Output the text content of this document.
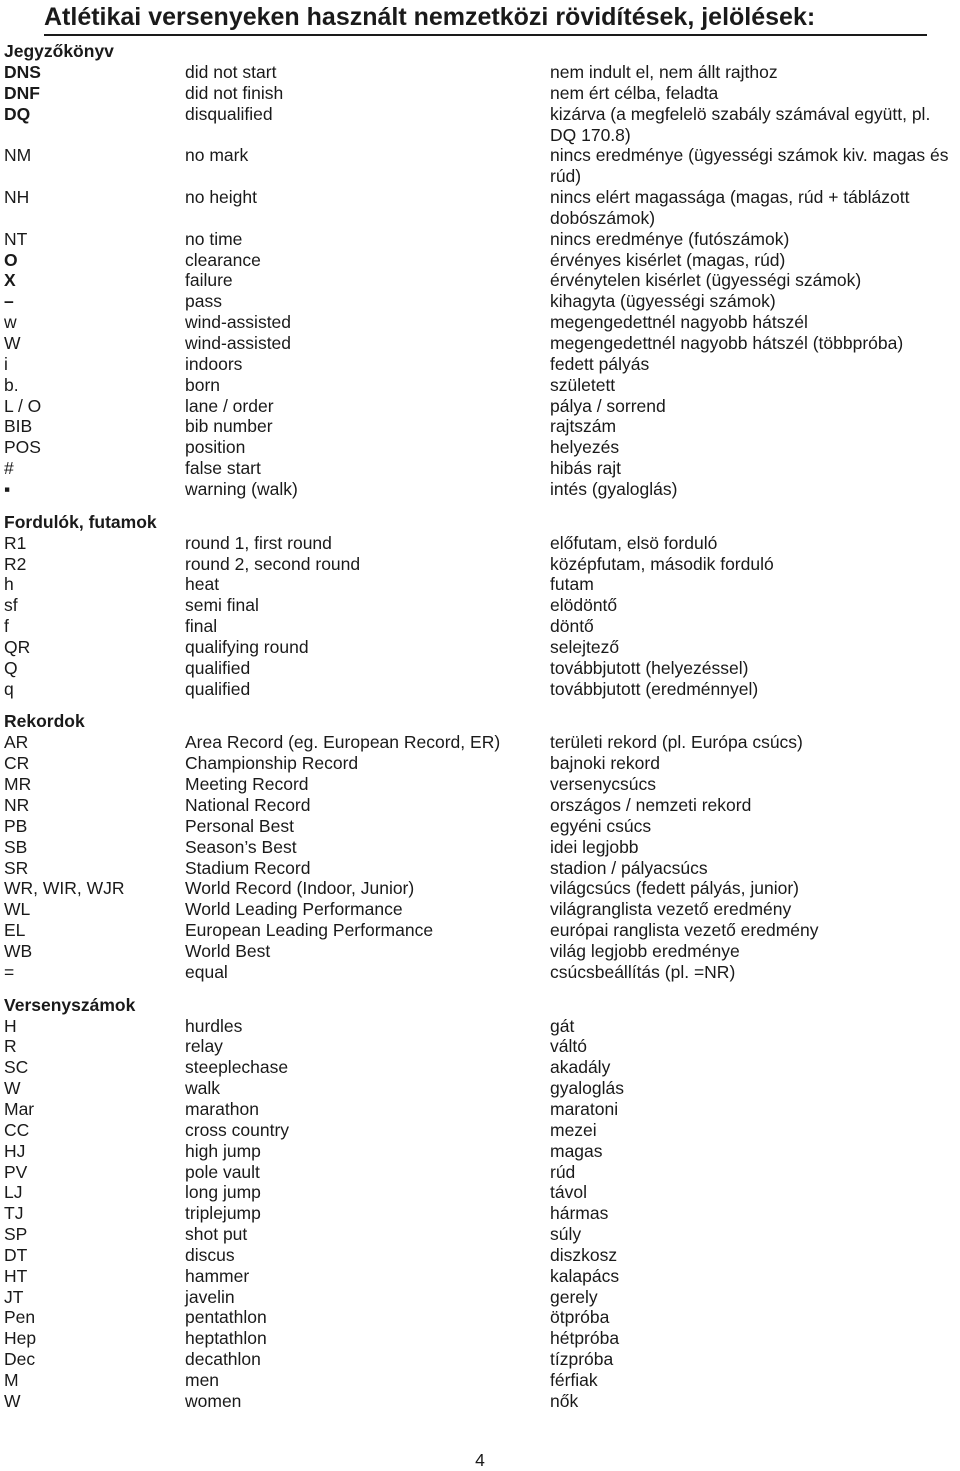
Atlétikai versenyeken használt nemzetközi rövidítések, jelölések:
Jegyzőkönyv
DNS	did not start	nem indult el, nem állt rajthoz
DNF	did not finish	nem ért célba, feladta
DQ	disqualified	kizárva (a megfelelö szabály számával együtt, pl. DQ 170.8)
NM	no mark	nincs eredménye (ügyességi számok kiv. magas és rúd)
NH	no height	nincs elért magassága (magas, rúd + táblázott dobószámok)
NT	no time	nincs eredménye (futószámok)
O	clearance	érvényes kisérlet (magas, rúd)
X	failure	érvénytelen kisérlet (ügyességi számok)
–	pass	kihagyta (ügyességi számok)
w	wind-assisted	megengedettnél nagyobb hátszél
W	wind-assisted	megengedettnél nagyobb hátszél (többpróba)
i	indoors	fedett pályás
b.	born	született
L / O	lane / order	pálya / sorrend
BIB	bib number	rajtszám
POS	position	helyezés
#	false start	hibás rajt
▪	warning (walk)	intés (gyaloglás)
Fordulók, futamok
R1	round 1, first round	előfutam, elsö forduló
R2	round 2, second round	középfutam, második forduló
h	heat	futam
sf	semi final	elödöntő
f	final	döntő
QR	qualifying round	selejtező
Q	qualified	továbbjutott (helyezéssel)
q	qualified	továbbjutott (eredménnyel)
Rekordok
AR	Area Record (eg. European Record, ER)	területi rekord (pl. Európa csúcs)
CR	Championship Record	bajnoki rekord
MR	Meeting Record	versenycsúcs
NR	National Record	országos / nemzeti rekord
PB	Personal Best	egyéni csúcs
SB	Season’s Best	idei legjobb
SR	Stadium Record	stadion / pályacsúcs
WR, WIR, WJR	World Record (Indoor, Junior)	világcsúcs (fedett pályás, junior)
WL	World Leading Performance	világranglista vezető eredmény
EL	European Leading Performance	európai ranglista vezető eredmény
WB	World Best	világ legjobb eredménye
=	equal	csúcsbeállítás (pl. =NR)
Versenyszámok
H	hurdles	gát
R	relay	váltó
SC	steeplechase	akadály
W	walk	gyaloglás
Mar	marathon	maratoni
CC	cross country	mezei
HJ	high jump	magas
PV	pole vault	rúd
LJ	long jump	távol
TJ	triplejump	hármas
SP	shot put	súly
DT	discus	diszkosz
HT	hammer	kalapács
JT	javelin	gerely
Pen	pentathlon	ötpróba
Hep	heptathlon	hétpróba
Dec	decathlon	tízpróba
M	men	férfiak
W	women	nők
4
